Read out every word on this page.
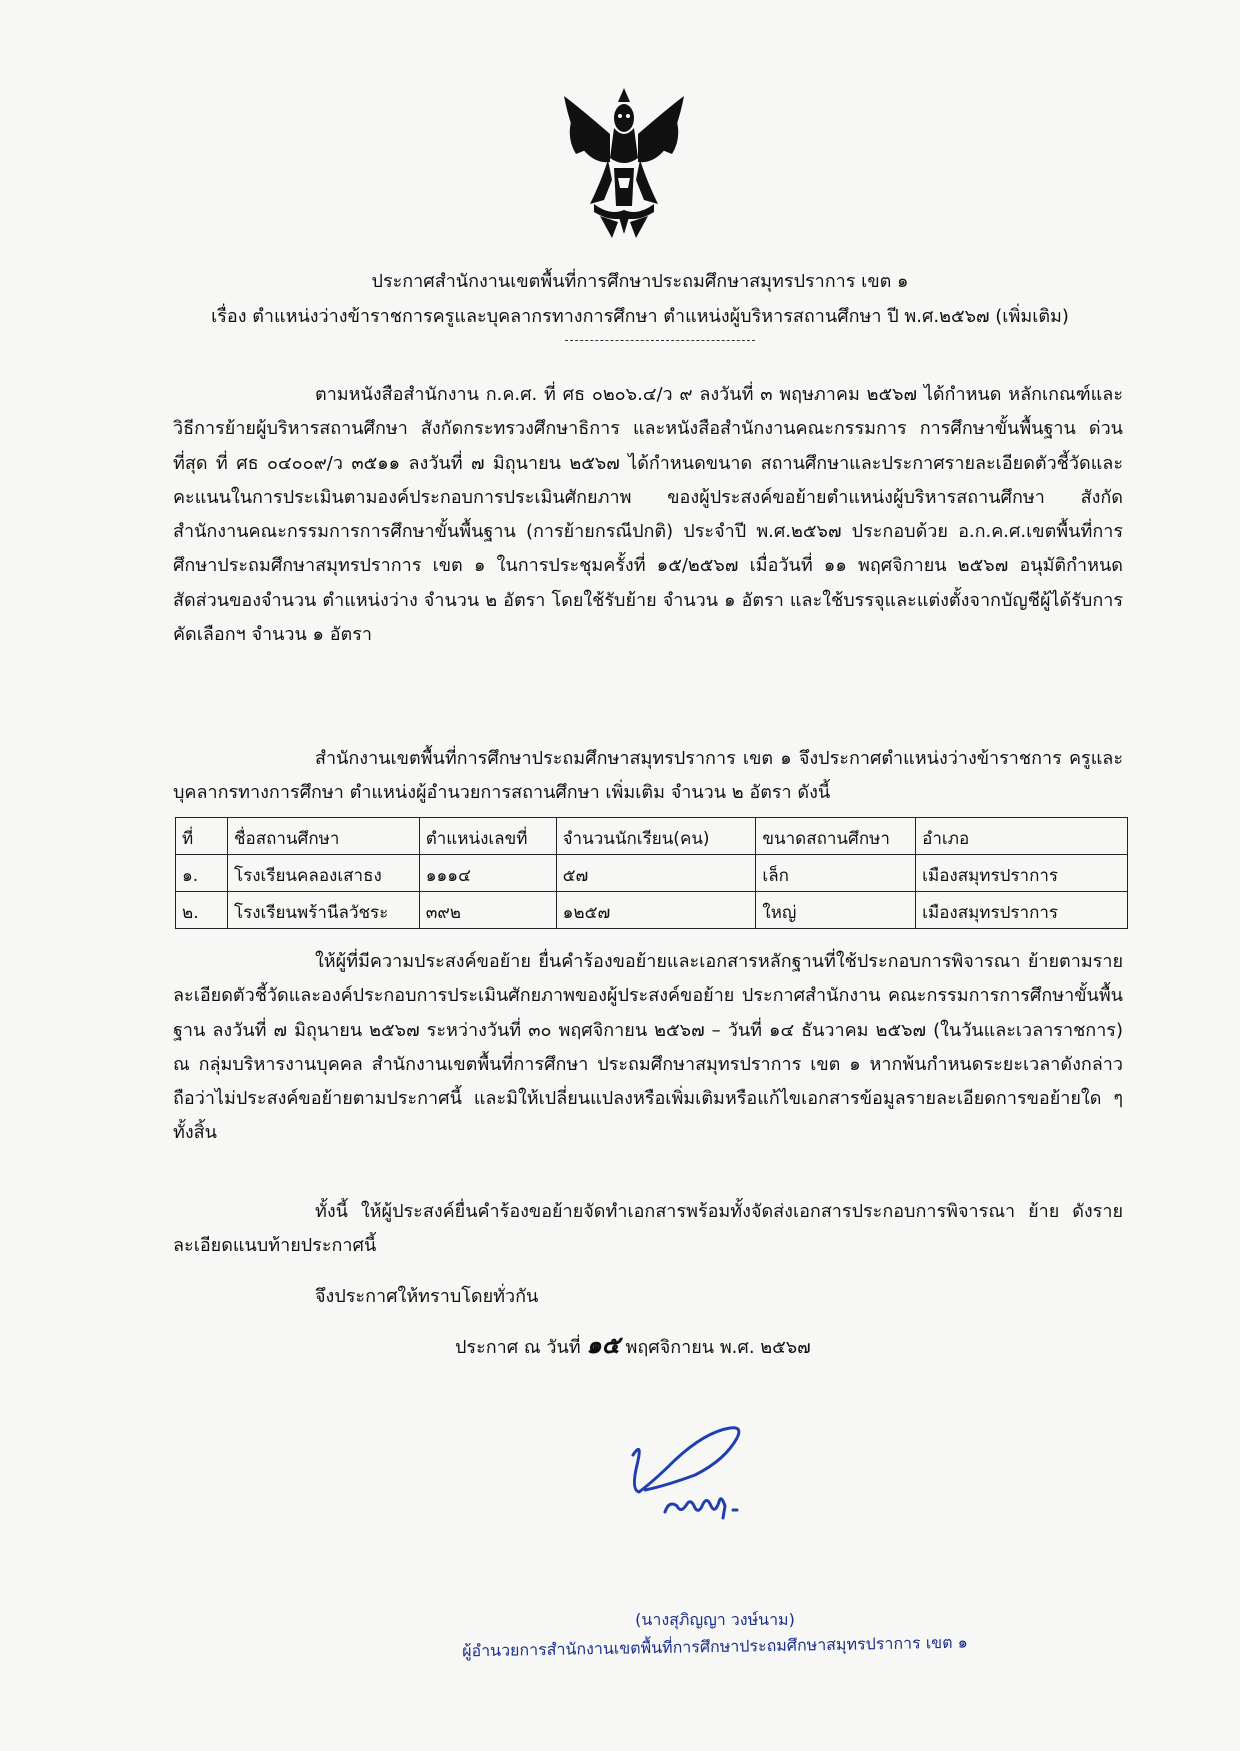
ประกาศสำนักงานเขตพื้นที่การศึกษาประถมศึกษาสมุทรปราการ เขต ๑
เรื่อง ตำแหน่งว่างข้าราชการครูและบุคลากรทางการศึกษา ตำแหน่งผู้บริหารสถานศึกษา ปี พ.ศ.๒๕๖๗ (เพิ่มเติม)
ตามหนังสือสำนักงาน ก.ค.ศ. ที่ ศธ ๐๒๐๖.๔/ว ๙ ลงวันที่ ๓ พฤษภาคม ๒๕๖๗ ได้กำหนด หลักเกณฑ์และวิธีการย้ายผู้บริหารสถานศึกษา สังกัดกระทรวงศึกษาธิการ และหนังสือสำนักงานคณะกรรมการ การศึกษาขั้นพื้นฐาน ด่วนที่สุด ที่ ศธ ๐๔๐๐๙/ว ๓๕๑๑ ลงวันที่ ๗ มิถุนายน ๒๕๖๗ ได้กำหนดขนาด สถานศึกษาและประกาศรายละเอียดตัวชี้วัดและคะแนนในการประเมินตามองค์ประกอบการประเมินศักยภาพ ของผู้ประสงค์ขอย้ายตำแหน่งผู้บริหารสถานศึกษา สังกัดสำนักงานคณะกรรมการการศึกษาขั้นพื้นฐาน (การย้ายกรณีปกติ) ประจำปี พ.ศ.๒๕๖๗ ประกอบด้วย อ.ก.ค.ศ.เขตพื้นที่การศึกษาประถมศึกษาสมุทรปราการ เขต ๑ ในการประชุมครั้งที่ ๑๕/๒๕๖๗ เมื่อวันที่ ๑๑ พฤศจิกายน ๒๕๖๗ อนุมัติกำหนดสัดส่วนของจำนวน ตำแหน่งว่าง จำนวน ๒ อัตรา โดยใช้รับย้าย จำนวน ๑ อัตรา และใช้บรรจุและแต่งตั้งจากบัญชีผู้ได้รับการคัดเลือกฯ จำนวน ๑ อัตรา
สำนักงานเขตพื้นที่การศึกษาประถมศึกษาสมุทรปราการ เขต ๑ จึงประกาศตำแหน่งว่างข้าราชการ ครูและบุคลากรทางการศึกษา ตำแหน่งผู้อำนวยการสถานศึกษา เพิ่มเติม จำนวน ๒ อัตรา ดังนี้
ที่	ชื่อสถานศึกษา	ตำแหน่งเลขที่	จำนวนนักเรียน(คน)	ขนาดสถานศึกษา	อำเภอ
๑.	โรงเรียนคลองเสาธง	๑๑๑๔	๕๗	เล็ก	เมืองสมุทรปราการ
๒.	โรงเรียนพร้านีลวัชระ	๓๙๒	๑๒๕๗	ใหญ่	เมืองสมุทรปราการ
ให้ผู้ที่มีความประสงค์ขอย้าย ยื่นคำร้องขอย้ายและเอกสารหลักฐานที่ใช้ประกอบการพิจารณา ย้ายตามรายละเอียดตัวชี้วัดและองค์ประกอบการประเมินศักยภาพของผู้ประสงค์ขอย้าย ประกาศสำนักงาน คณะกรรมการการศึกษาขั้นพื้นฐาน ลงวันที่ ๗ มิถุนายน ๒๕๖๗ ระหว่างวันที่ ๓๐ พฤศจิกายน ๒๕๖๗ – วันที่ ๑๔ ธันวาคม ๒๕๖๗ (ในวันและเวลาราชการ) ณ กลุ่มบริหารงานบุคคล สำนักงานเขตพื้นที่การศึกษา ประถมศึกษาสมุทรปราการ เขต ๑ หากพ้นกำหนดระยะเวลาดังกล่าวถือว่าไม่ประสงค์ขอย้ายตามประกาศนี้ และมิให้เปลี่ยนแปลงหรือเพิ่มเติมหรือแก้ไขเอกสารข้อมูลรายละเอียดการขอย้ายใด ๆ ทั้งสิ้น
ทั้งนี้ ให้ผู้ประสงค์ยื่นคำร้องขอย้ายจัดทำเอกสารพร้อมทั้งจัดส่งเอกสารประกอบการพิจารณา ย้าย ดังรายละเอียดแนบท้ายประกาศนี้
จึงประกาศให้ทราบโดยทั่วกัน
ประกาศ ณ วันที่ ๑๕ พฤศจิกายน พ.ศ. ๒๕๖๗
(นางสุภิญญา วงษ์นาม)
ผู้อำนวยการสำนักงานเขตพื้นที่การศึกษาประถมศึกษาสมุทรปราการ เขต ๑
